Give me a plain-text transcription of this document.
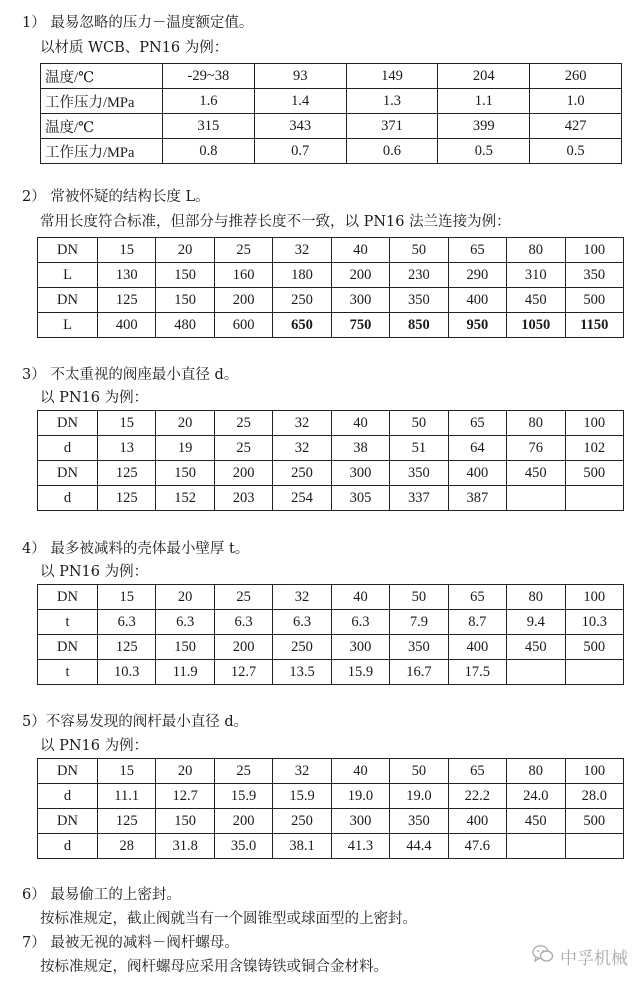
1） 最易忽略的压力－温度额定值。
以材质 WCB、PN16 为例：
温度/℃	-29~38	93	149	204	260
工作压力/MPa	1.6	1.4	1.3	1.1	1.0
温度/℃	315	343	371	399	427
工作压力/MPa	0.8	0.7	0.6	0.5	0.5
2） 常被怀疑的结构长度 L。
常用长度符合标准，但部分与推荐长度不一致，以 PN16 法兰连接为例：
DN	15	20	25	32	40	50	65	80	100
L	130	150	160	180	200	230	290	310	350
DN	125	150	200	250	300	350	400	450	500
L	400	480	600	650	750	850	950	1050	1150
3） 不太重视的阀座最小直径 d。
以 PN16 为例：
DN	15	20	25	32	40	50	65	80	100
d	13	19	25	32	38	51	64	76	102
DN	125	150	200	250	300	350	400	450	500
d	125	152	203	254	305	337	387		
4） 最多被减料的壳体最小壁厚 t。
以 PN16 为例：
DN	15	20	25	32	40	50	65	80	100
t	6.3	6.3	6.3	6.3	6.3	7.9	8.7	9.4	10.3
DN	125	150	200	250	300	350	400	450	500
t	10.3	11.9	12.7	13.5	15.9	16.7	17.5		
5）不容易发现的阀杆最小直径 d。
以 PN16 为例：
DN	15	20	25	32	40	50	65	80	100
d	11.1	12.7	15.9	15.9	19.0	19.0	22.2	24.0	28.0
DN	125	150	200	250	300	350	400	450	500
d	28	31.8	35.0	38.1	41.3	44.4	47.6		
6） 最易偷工的上密封。
按标准规定，截止阀就当有一个圆锥型或球面型的上密封。
7） 最被无视的减料－阀杆螺母。
按标准规定，阀杆螺母应采用含镍铸铁或铜合金材料。	中孚机械
